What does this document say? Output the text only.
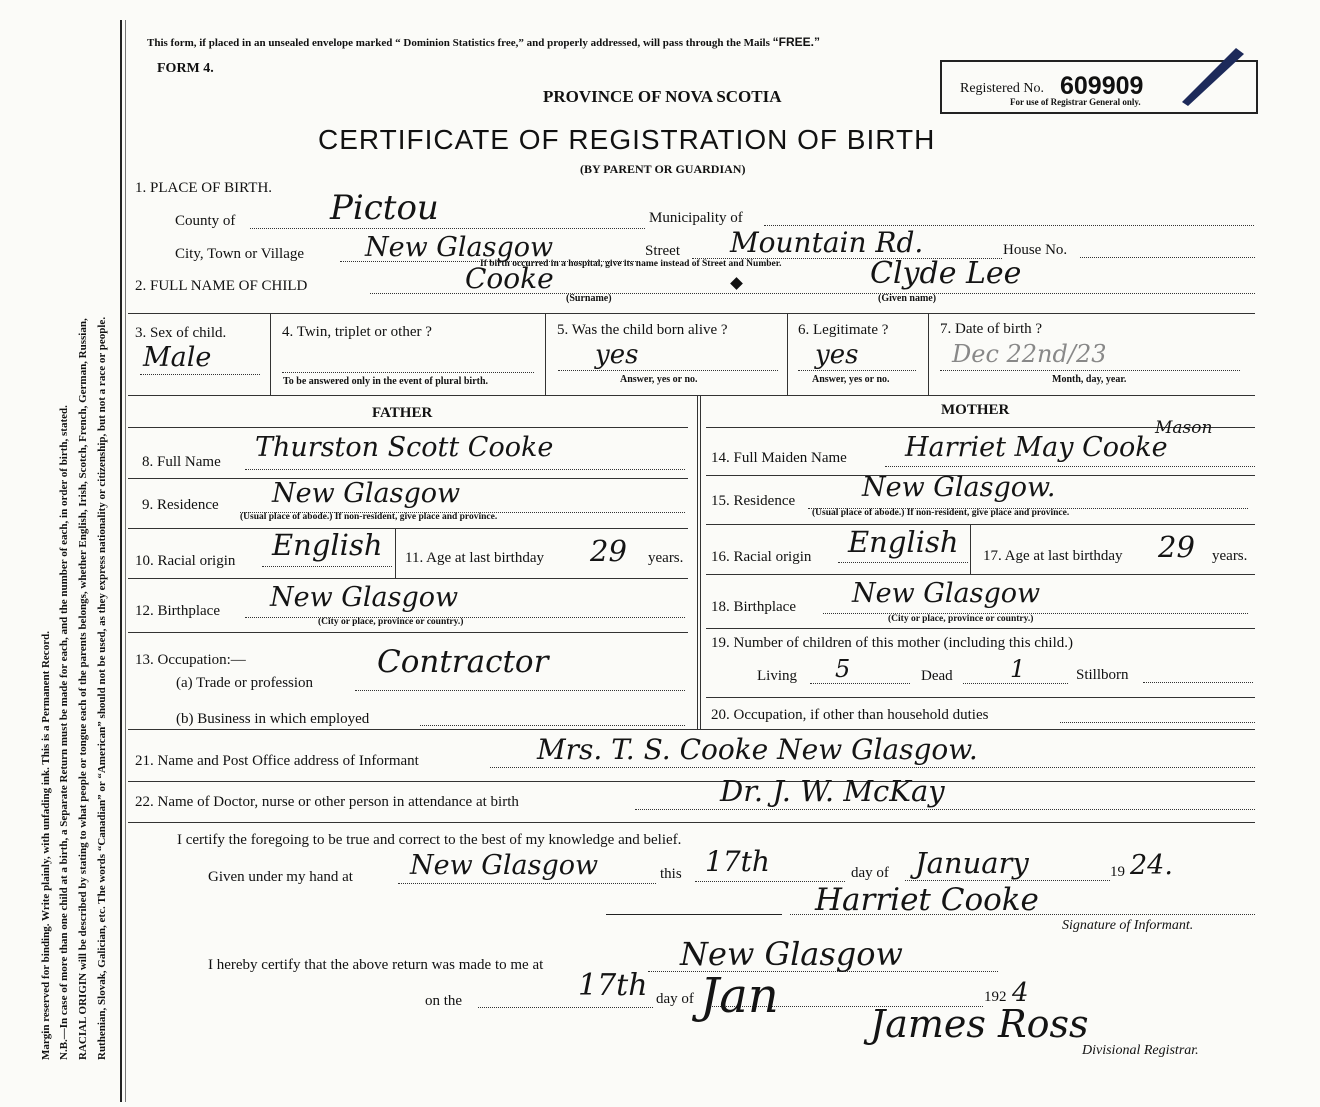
Margin reserved for binding. Write plainly, with unfading ink. This is a Permanent Record. N.B.—In case of more than one child at a birth, a Separate Return must be made for each, and the number of each, in order of birth, stated. RACIAL ORIGIN will be described by stating to what people or tongue each of the parents belongs, whether English, Irish, Scotch, French, German, Russian, Ruthenian, Slovak, Galician, etc. The words “Canadian” or “American” should not be used, as they express nationality or citizenship, but not a race or people.
This form, if placed in an unsealed envelope marked “ Dominion Statistics free,” and properly addressed, will pass through the Mails “FREE.”
FORM 4.
PROVINCE OF NOVA SCOTIA
CERTIFICATE OF REGISTRATION OF BIRTH
(BY PARENT OR GUARDIAN)
Registered No. 609909
For use of Registrar General only.
1. PLACE OF BIRTH.
County of	Pictou	Municipality of
City, Town or Village New Glasgow	Street Mountain Rd.	House No.
If birth occurred in a hospital, give its name instead of Street and Number.
2. FULL NAME OF CHILD	Cooke
(Surname)
Clyde Lee
(Given name)
3. Sex of child.
Male
4. Twin, triplet or other ?
To be answered only in the event of plural birth.
5. Was the child born alive ?
yes
Answer, yes or no.
6. Legitimate ?
yes
Answer, yes or no.
7. Date of birth ?
Dec 22nd/23
Month, day, year.
FATHER	MOTHER
8. Full Name Thurston Scott Cooke
9. Residence New Glasgow
(Usual place of abode.) If non-resident, give place and province.
10. Racial origin English 11. Age at last birthday 29 years.
12. Birthplace New Glasgow
(City or place, province or country.)
13. Occupation:—
(a) Trade or profession
Contractor
(b) Business in which employed
14. Full Maiden Name Harriet May Cooke
Mason
15. Residence New Glasgow.
(Usual place of abode.) If non-resident, give place and province.
16. Racial origin English 17. Age at last birthday 29 years.
18. Birthplace New Glasgow
(City or place, province or country.)
19. Number of children of this mother (including this child.)
Living 5	Dead 1	Stillborn
20. Occupation, if other than household duties
21. Name and Post Office address of Informant	Mrs. T. S. Cooke New Glasgow.
22. Name of Doctor, nurse or other person in attendance at birth	Dr. J. W. McKay
I certify the foregoing to be true and correct to the best of my knowledge and belief.
Given under my hand at New Glasgow	this 17th	day of January	19 24.
Harriet Cooke
Signature of Informant.
I hereby certify that the above return was made to me at	New Glasgow
on the	17th day of Jan	192 4
James Ross
Divisional Registrar.
